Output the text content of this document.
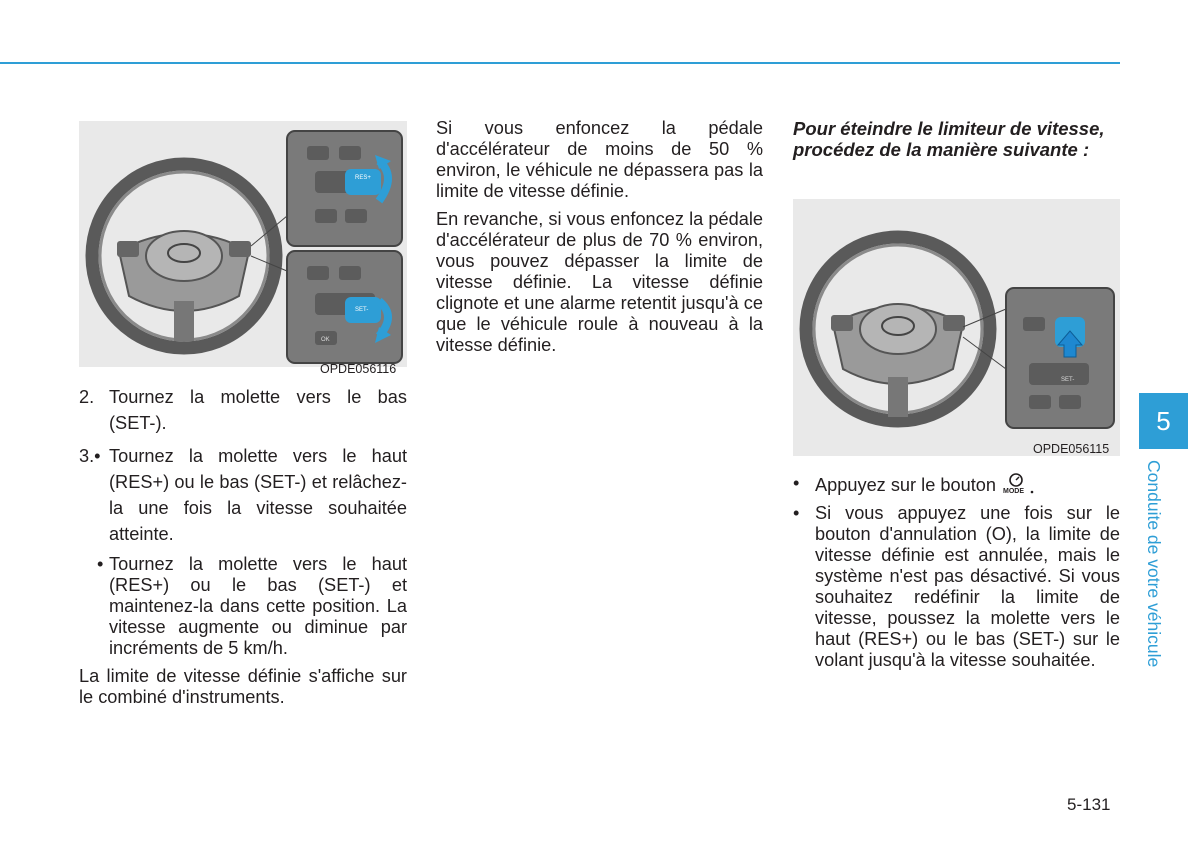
RES+
SET-
OK
OPDE056116
2. Tournez la molette vers le bas (SET-).
3.• Tournez la molette vers le haut (RES+) ou le bas (SET-) et relâchez-la une fois la vitesse souhaitée atteinte.
• Tournez la molette vers le haut (RES+) ou le bas (SET-) et maintenez-la dans cette position. La vitesse augmente ou diminue par incréments de 5 km/h.

La limite de vitesse définie s'affiche sur le combiné d'instruments.

Si vous enfoncez la pédale d'accélérateur de moins de 50 % environ, le véhicule ne dépassera pas la limite de vitesse définie.

En revanche, si vous enfoncez la pédale d'accélérateur de plus de 70 % environ, vous pouvez dépasser la limite de vitesse définie. La vitesse définie clignote et une alarme retentit jusqu'à ce que le véhicule roule à nouveau à la vitesse définie.

Pour éteindre le limiteur de vitesse, procédez de la manière suivante :
SET-
OPDE056115
• Appuyez sur le bouton MODE
• Si vous appuyez une fois sur le bouton d'annulation (O), la limite de vitesse définie est annulée, mais le système n'est pas désactivé. Si vous souhaitez redéfinir la limite de vitesse, poussez la molette vers le haut (RES+) ou le bas (SET-) sur le volant jusqu'à la vitesse souhaitée.
5
Conduite de votre véhicule
5-131
